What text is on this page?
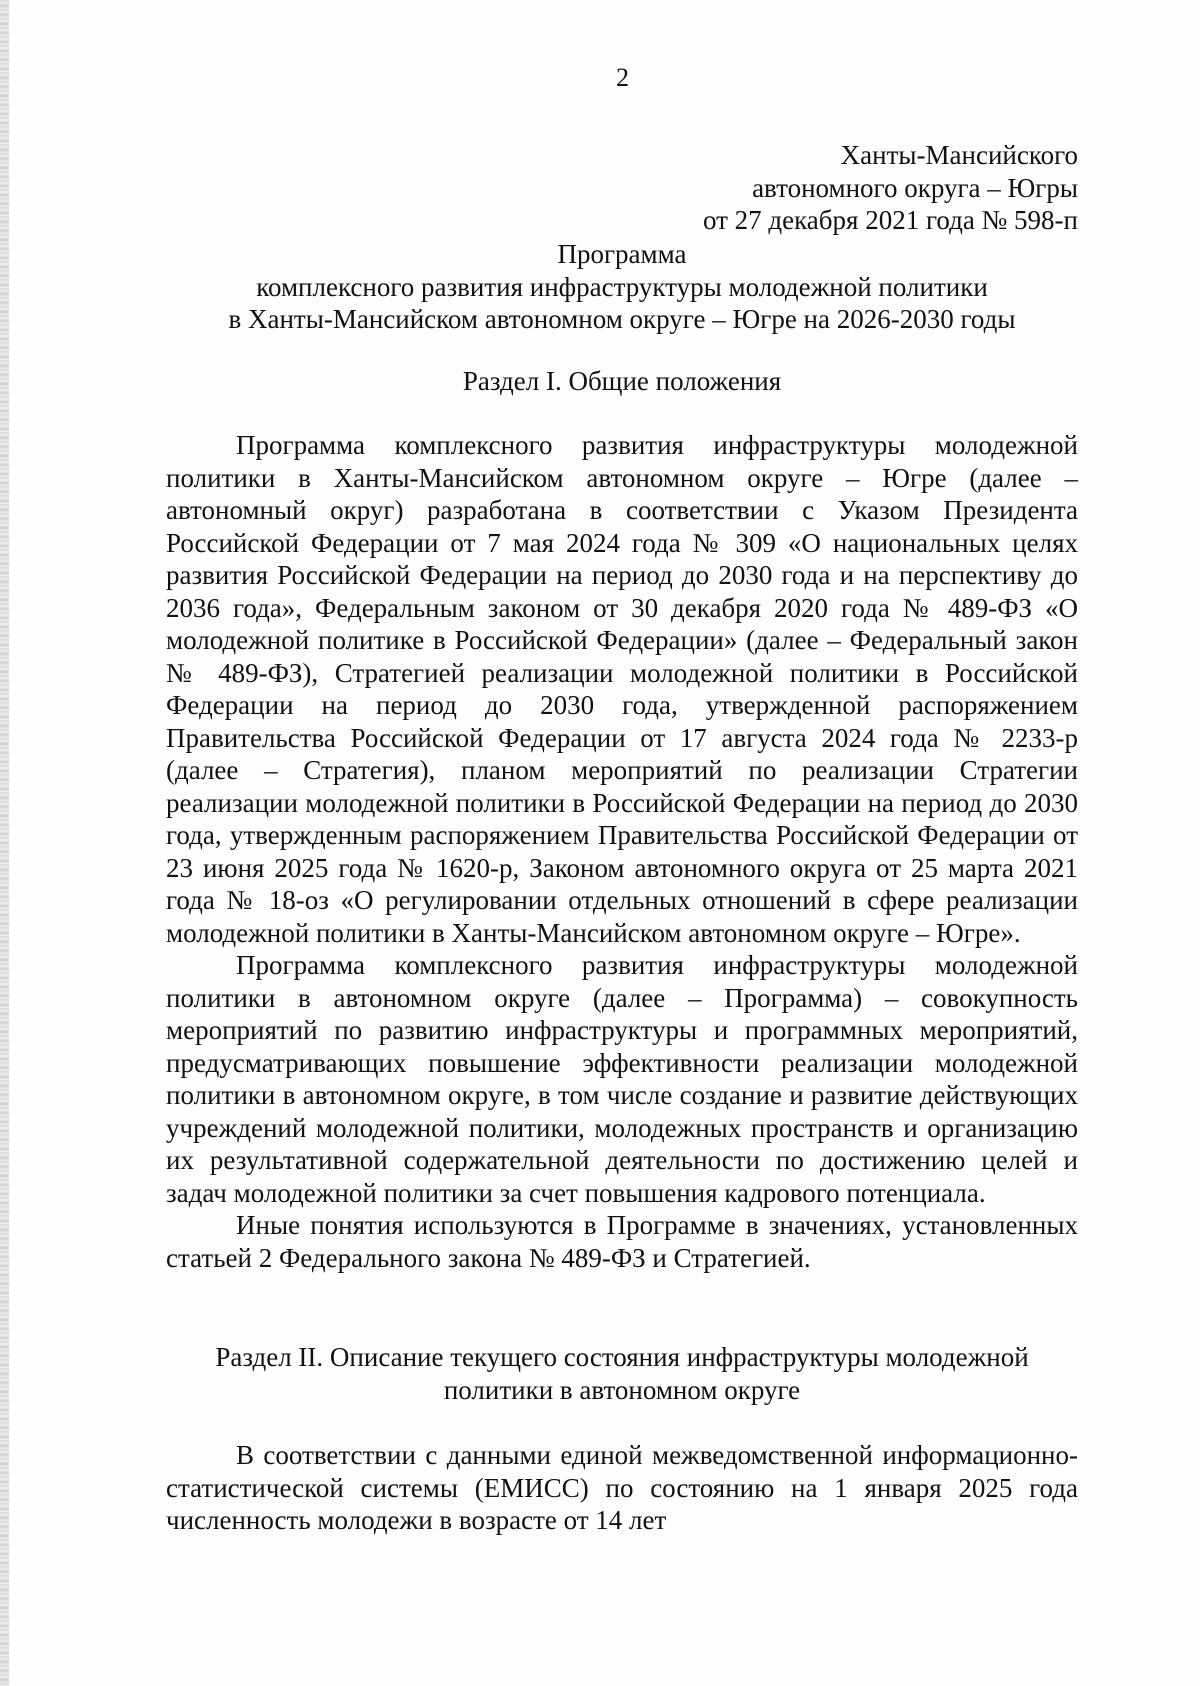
2
Ханты-Мансийского
автономного округа – Югры
от 27 декабря 2021 года № 598-п
Программа
комплексного развития инфраструктуры молодежной политики
в Ханты-Мансийском автономном округе – Югре на 2026-2030 годы
Раздел I. Общие положения

Программа комплексного развития инфраструктуры молодежной политики в Ханты-Мансийском автономном округе – Югре (далее – автономный округ) разработана в соответствии с Указом Президента Российской Федерации от 7 мая 2024 года № 309 «О национальных целях развития Российской Федерации на период до 2030 года и на перспективу до 2036 года», Федеральным законом от 30 декабря 2020 года № 489-ФЗ «О молодежной политике в Российской Федерации» (далее – Федеральный закон № 489-ФЗ), Стратегией реализации молодежной политики в Российской Федерации на период до 2030 года, утвержденной распоряжением Правительства Российской Федерации от 17 августа 2024 года № 2233-р (далее – Стратегия), планом мероприятий по реализации Стратегии реализации молодежной политики в Российской Федерации на период до 2030 года, утвержденным распоряжением Правительства Российской Федерации от 23 июня 2025 года № 1620-р, Законом автономного округа от 25 марта 2021 года № 18-оз «О регулировании отдельных отношений в сфере реализации молодежной политики в Ханты-Мансийском автономном округе – Югре».

Программа комплексного развития инфраструктуры молодежной политики в автономном округе (далее – Программа) – совокупность мероприятий по развитию инфраструктуры и программных мероприятий, предусматривающих повышение эффективности реализации молодежной политики в автономном округе, в том числе создание и развитие действующих учреждений молодежной политики, молодежных пространств и организацию их результативной содержательной деятельности по достижению целей и задач молодежной политики за счет повышения кадрового потенциала.

Иные понятия используются в Программе в значениях, установленных статьей 2 Федерального закона № 489-ФЗ и Стратегией.

Раздел II. Описание текущего состояния инфраструктуры молодежной
политики в автономном округе

В соответствии с данными единой межведомственной информационно-статистической системы (ЕМИСС) по состоянию на 1 января 2025 года численность молодежи в возрасте от 14 лет
